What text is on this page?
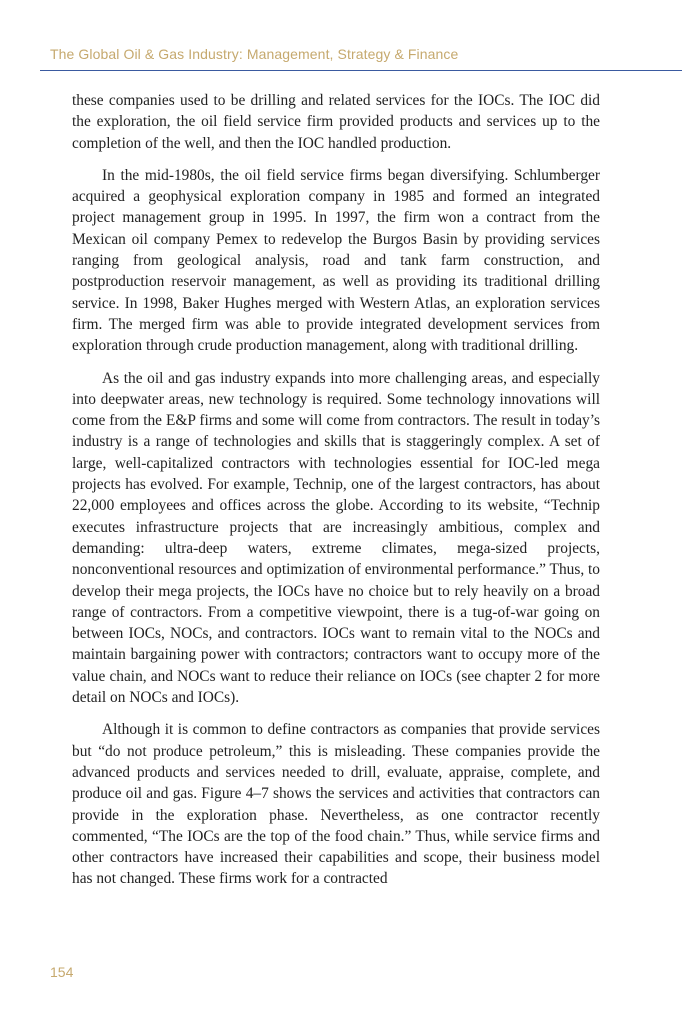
The Global Oil & Gas Industry: Management, Strategy & Finance

these companies used to be drilling and related services for the IOCs. The IOC did the exploration, the oil field service firm provided products and services up to the completion of the well, and then the IOC handled production.

In the mid-1980s, the oil field service firms began diversifying. Schlumberger acquired a geophysical exploration company in 1985 and formed an integrated project management group in 1995. In 1997, the firm won a contract from the Mexican oil company Pemex to redevelop the Burgos Basin by providing services ranging from geological analysis, road and tank farm construction, and postproduction reservoir management, as well as providing its traditional drilling service. In 1998, Baker Hughes merged with Western Atlas, an exploration services firm. The merged firm was able to provide integrated development services from exploration through crude production management, along with traditional drilling.

As the oil and gas industry expands into more challenging areas, and especially into deepwater areas, new technology is required. Some technology innovations will come from the E&P firms and some will come from contractors. The result in today’s industry is a range of technologies and skills that is staggeringly complex. A set of large, well-capitalized contractors with technologies essential for IOC-led mega projects has evolved. For example, Technip, one of the largest contractors, has about 22,000 employees and offices across the globe. According to its website, “Technip executes infrastructure projects that are increasingly ambitious, complex and demanding: ultra-deep waters, extreme climates, mega-sized projects, nonconventional resources and optimization of environmental performance.” Thus, to develop their mega projects, the IOCs have no choice but to rely heavily on a broad range of contractors. From a competitive viewpoint, there is a tug-of-war going on between IOCs, NOCs, and contractors. IOCs want to remain vital to the NOCs and maintain bargaining power with contractors; contractors want to occupy more of the value chain, and NOCs want to reduce their reliance on IOCs (see chapter 2 for more detail on NOCs and IOCs).

Although it is common to define contractors as companies that provide services but “do not produce petroleum,” this is misleading. These companies provide the advanced products and services needed to drill, evaluate, appraise, complete, and produce oil and gas. Figure 4–7 shows the services and activities that contractors can provide in the exploration phase. Nevertheless, as one contractor recently commented, “The IOCs are the top of the food chain.” Thus, while service firms and other contractors have increased their capabilities and scope, their business model has not changed. These firms work for a contracted

154
